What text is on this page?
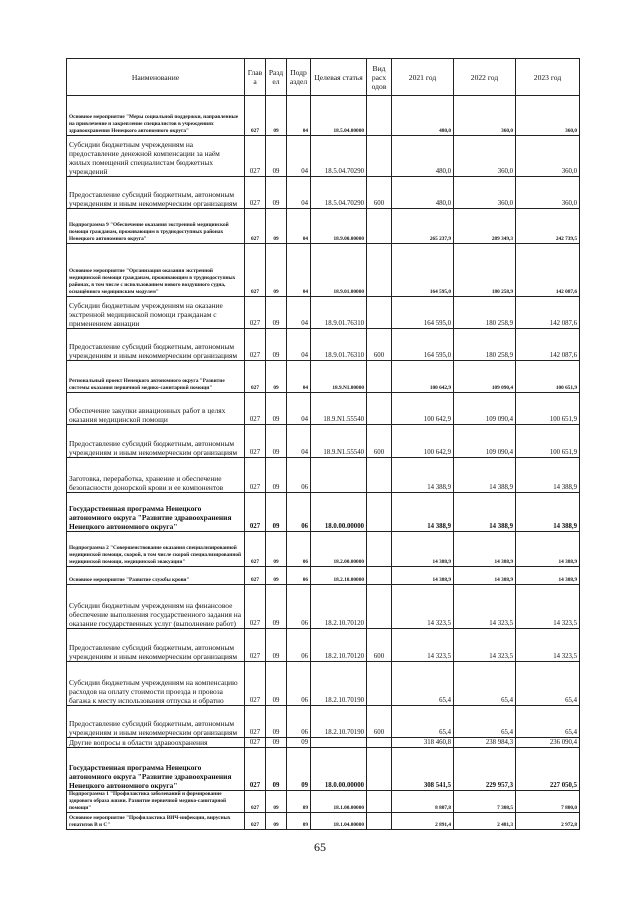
Наименование	Глав а	Разд ел	Подр аздел	Целевая статья	Вид расх одов	2021 год	2022 год	2023 год
Основное мероприятие "Меры социальной поддержки, направленные на привлечение и закрепление специалистов в учреждениях здравоохранения Ненецкого автономного округа"	027	09	04	18.5.04.00000		480,0	360,0	360,0
Субсидии бюджетным учреждениям на предоставление денежной компенсации за наём жилых помещений специалистам бюджетных учреждений	027	09	04	18.5.04.70290		480,0	360,0	360,0
Предоставление субсидий бюджетным, автономным учреждениям и иным некоммерческим организациям	027	09	04	18.5.04.70290	600	480,0	360,0	360,0
Подпрограмма 9 "Обеспечение оказания экстренной медицинской помощи гражданам, проживающим в труднодоступных районах Ненецкого автономного округа"	027	09	04	18.9.00.00000		265 237,9	289 349,3	242 739,5
Основное мероприятие "Организация оказания экстренной медицинской помощи гражданам, проживающим в труднодоступных районах, в том числе с использованием нового воздушного судна, оснащённого медицинским модулем"	027	09	04	18.9.01.00000		164 595,0	180 258,9	142 087,6
Субсидии бюджетным учреждениям на оказание экстренной медицинской помощи гражданам с применением авиации	027	09	04	18.9.01.76310		164 595,0	180 258,9	142 087,6
Предоставление субсидий бюджетным, автономным учреждениям и иным некоммерческим организациям	027	09	04	18.9.01.76310	600	164 595,0	180 258,9	142 087,6
Региональный проект Ненецкого автономного округа "Развитие системы оказания первичной медико-санитарной помощи"	027	09	04	18.9.N1.00000		100 642,9	109 090,4	100 651,9
Обеспечение закупки авиационных работ в целях оказания медицинской помощи	027	09	04	18.9.N1.55540		100 642,9	109 090,4	100 651,9
Предоставление субсидий бюджетным, автономным учреждениям и иным некоммерческим организациям	027	09	04	18.9.N1.55540	600	100 642,9	109 090,4	100 651,9
Заготовка, переработка, хранение и обеспечение безопасности донорской крови и ее компонентов	027	09	06			14 388,9	14 388,9	14 388,9
Государственная программа Ненецкого автономного округа "Развитие здравоохранения Ненецкого автономного округа"	027	09	06	18.0.00.00000		14 388,9	14 388,9	14 388,9
Подпрограмма 2 "Совершенствование оказания специализированной медицинской помощи, скорой, в том числе скорой специализированной медицинской помощи, медицинской эвакуации"	027	09	06	18.2.00.00000		14 388,9	14 388,9	14 388,9
Основное мероприятие "Развитие службы крови"	027	09	06	18.2.10.00000		14 388,9	14 388,9	14 388,9
Субсидии бюджетным учреждениям на финансовое обеспечение выполнения государственного задания на оказание государственных услуг (выполнение работ)	027	09	06	18.2.10.70120		14 323,5	14 323,5	14 323,5
Предоставление субсидий бюджетным, автономным учреждениям и иным некоммерческим организациям	027	09	06	18.2.10.70120	600	14 323,5	14 323,5	14 323,5
Субсидии бюджетным учреждениям на компенсацию расходов на оплату стоимости проезда и провоза багажа к месту использования отпуска и обратно	027	09	06	18.2.10.70190		65,4	65,4	65,4
Предоставление субсидий бюджетным, автономным учреждениям и иным некоммерческим организациям	027	09	06	18.2.10.70190	600	65,4	65,4	65,4
Другие вопросы в области здравоохранения	027	09	09			318 460,8	238 984,3	236 090,4
Государственная программа Ненецкого автономного округа "Развитие здравоохранения Ненецкого автономного округа"	027	09	09	18.0.00.00000		308 541,5	229 957,3	227 050,5
Подпрограмма 1 "Профилактика заболеваний и формирование здорового образа жизни. Развитие первичной медико-санитарной помощи"	027	09	09	18.1.00.00000		8 807,8	7 308,5	7 800,0
Основное мероприятие "Профилактика ВИЧ-инфекции, вирусных гепатитов В и С"	027	09	09	18.1.04.00000		2 891,4	2 481,3	2 972,8
65
